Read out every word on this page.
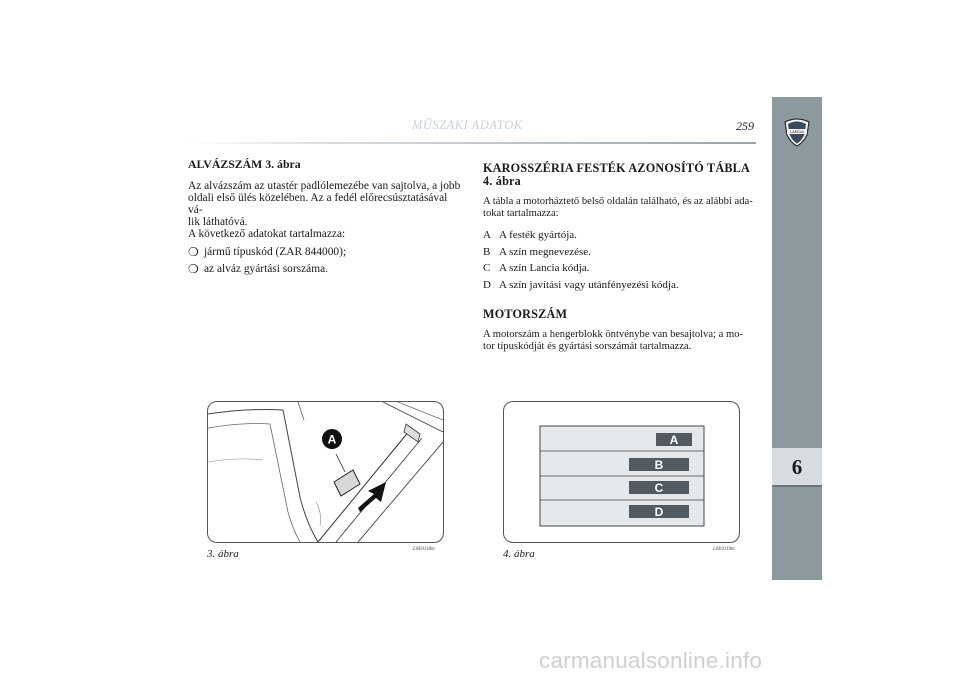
MŰSZAKI ADATOK	259	LANCIA
6
ALVÁZSZÁM 3. ábra

Az alvázszám az utastér padlólemezébe van sajtolva, a jobb
oldali első ülés közelében. Az a fedél előrecsúsztatásával vá-
lik láthatóvá.
A következő adatokat tartalmazza:

❍ jármű típuskód (ZAR 844000);
❍ az alváz gyártási sorszáma.
KAROSSZÉRIA FESTÉK AZONOSÍTÓ TÁBLA
4. ábra

A tábla a motorháztető belső oldalán található, és az alábbi ada-
tokat tartalmazza:

A A festék gyártója.
B A szín megnevezése.
C A szín Lancia kódja.
D A szín javítási vagy utánfényezési kódja.
MOTORSZÁM

A motorszám a hengerblokk öntvénybe van besajtolva; a mo-
tor típuskódját és gyártási sorszámát tartalmazza.

A
3. ábra	L0E0118m
A
B
C
D
4. ábra	L0E0119m
carmanualsonline.info
